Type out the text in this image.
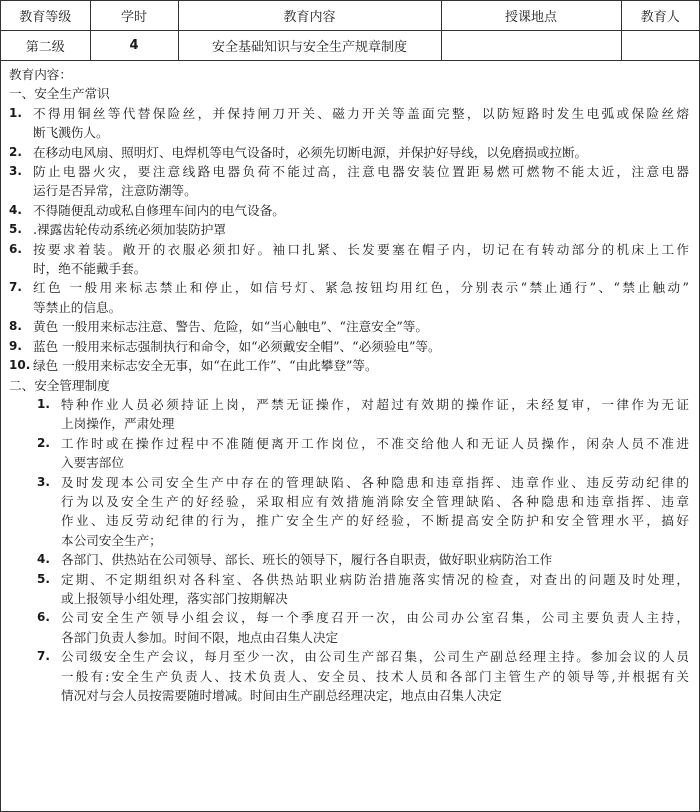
教育等级	学时	教育内容	授课地点	教育人
第二级	4	安全基础知识与安全生产规章制度		
教育内容：
一、安全生产常识
1. 不得用铜丝等代替保险丝，并保持闸刀开关、磁力开关等盖面完整，以防短路时发生电弧或保险丝熔
断飞溅伤人。
2. 在移动电风扇、照明灯、电焊机等电气设备时，必须先切断电源，并保护好导线，以免磨损或拉断。
3. 防止电器火灾，要注意线路电器负荷不能过高，注意电器安装位置距易燃可燃物不能太近，注意电器
运行是否异常，注意防潮等。
4. 不得随便乱动或私自修理车间内的电气设备。
5. .裸露齿轮传动系统必须加装防护罩
6. 按要求着装。敞开的衣服必须扣好。袖口扎紧、长发要塞在帽子内，切记在有转动部分的机床上工作
时，绝不能戴手套。
7. 红色 一般用来标志禁止和停止，如信号灯、紧急按钮均用红色，分别表示“禁止通行”、“禁止触动”
等禁止的信息。
8. 黄色 一般用来标志注意、警告、危险，如“当心触电”、“注意安全”等。
9. 蓝色 一般用来标志强制执行和命令，如“必须戴安全帽”、“必须验电”等。
10. 绿色 一般用来标志安全无事，如“在此工作”、“由此攀登”等。
二、安全管理制度
1. 特种作业人员必须持证上岗，严禁无证操作，对超过有效期的操作证，未经复审，一律作为无证
上岗操作，严肃处理
2. 工作时或在操作过程中不准随便离开工作岗位，不准交给他人和无证人员操作，闲杂人员不准进
入要害部位
3. 及时发现本公司安全生产中存在的管理缺陷、各种隐患和违章指挥、违章作业、违反劳动纪律的
行为以及安全生产的好经验，采取相应有效措施消除安全管理缺陷、各种隐患和违章指挥、违章
作业、违反劳动纪律的行为，推广安全生产的好经验，不断提高安全防护和安全管理水平，搞好
本公司安全生产；
4. 各部门、供热站在公司领导、部长、班长的领导下，履行各自职责，做好职业病防治工作
5. 定期、不定期组织对各科室、各供热站职业病防治措施落实情况的检查，对查出的问题及时处理，
或上报领导小组处理，落实部门按期解决
6. 公司安全生产领导小组会议，每一个季度召开一次，由公司办公室召集，公司主要负责人主持，
各部门负责人参加。时间不限，地点由召集人决定
7. 公司级安全生产会议，每月至少一次，由公司生产部召集，公司生产副总经理主持。参加会议的人员
一般有:安全生产负责人、技术负责人、安全员、技术人员和各部门主管生产的领导等,并根据有关
情况对与会人员按需要随时增减。时间由生产副总经理决定，地点由召集人决定
